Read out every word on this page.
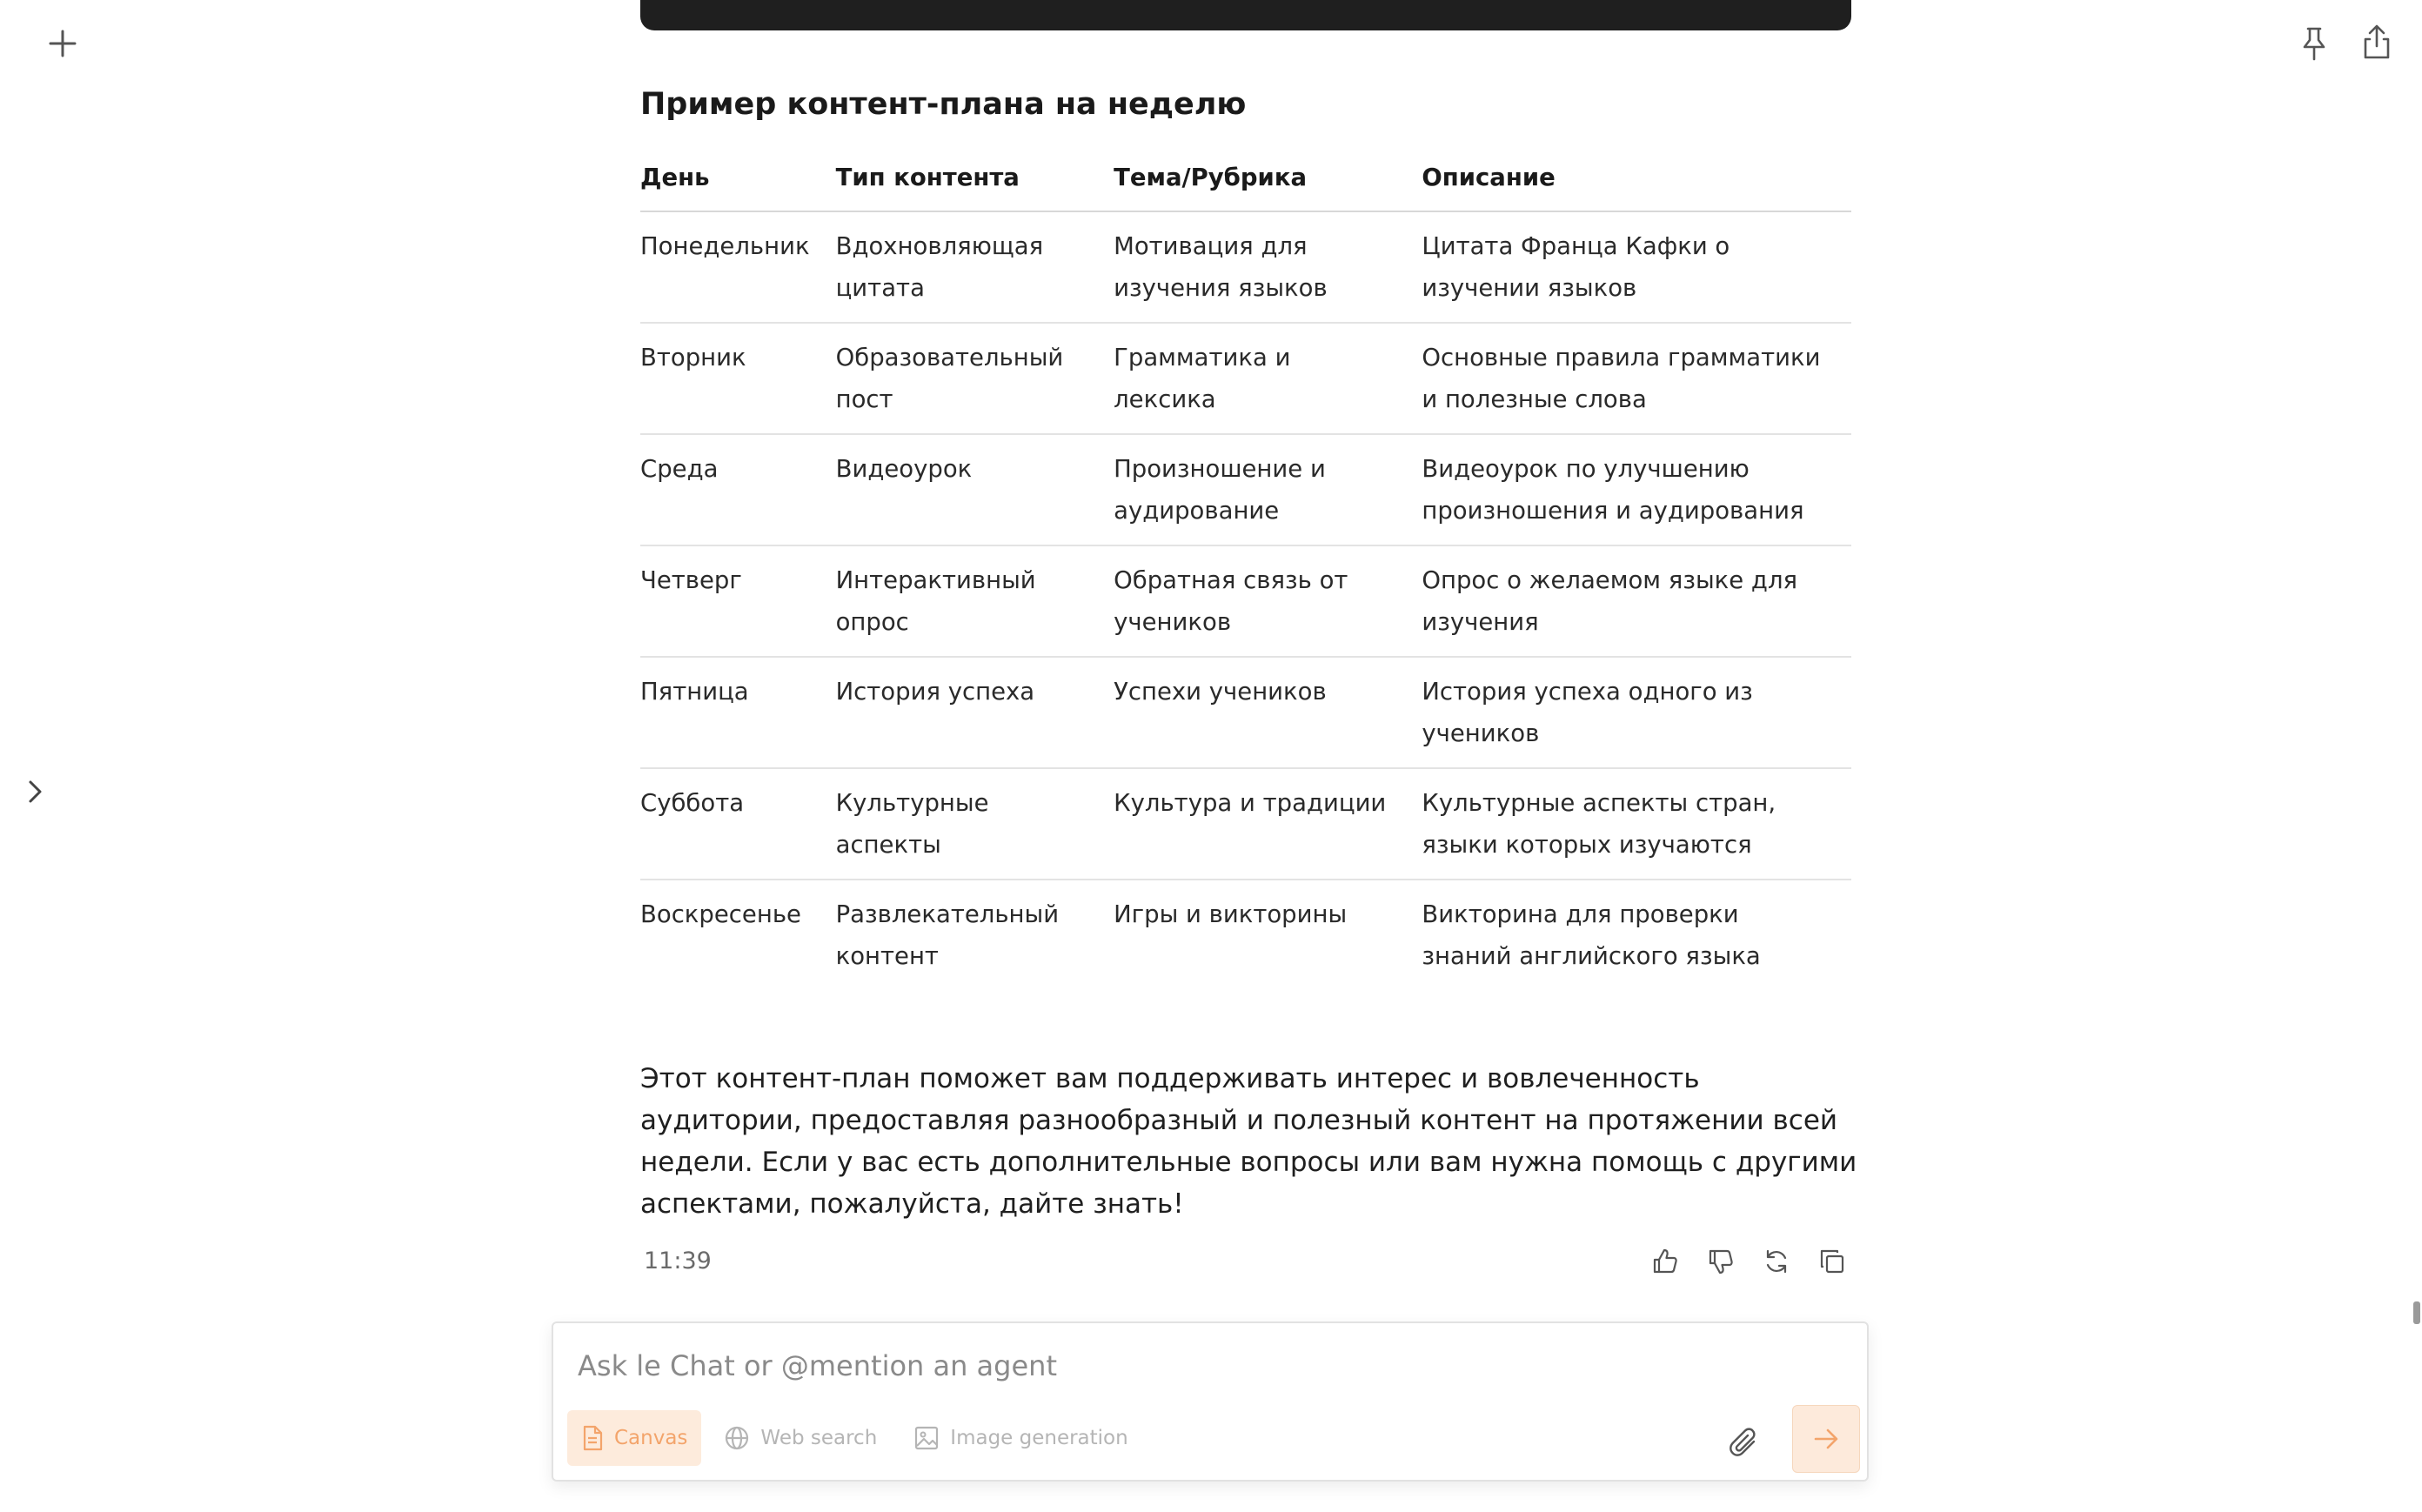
Пример контент-плана на неделю
День	Тип контента	Тема/Рубрика	Описание
Понедельник	Вдохновляющая цитата	Мотивация для изучения языков	Цитата Франца Кафки о изучении языков
Вторник	Образовательный пост	Грамматика и лексика	Основные правила грамматики и полезные слова
Среда	Видеоурок	Произношение и аудирование	Видеоурок по улучшению произношения и аудирования
Четверг	Интерактивный опрос	Обратная связь от учеников	Опрос о желаемом языке для изучения
Пятница	История успеха	Успехи учеников	История успеха одного из учеников
Суббота	Культурные аспекты	Культура и традиции	Культурные аспекты стран, языки которых изучаются
Воскресенье	Развлекательный контент	Игры и викторины	Викторина для проверки знаний английского языка

Этот контент-план поможет вам поддерживать интерес и вовлеченность аудитории, предоставляя разнообразный и полезный контент на протяжении всей недели. Если у вас есть дополнительные вопросы или вам нужна помощь с другими аспектами, пожалуйста, дайте знать!

11:39
Ask le Chat or @mention an agent
Canvas	Web search	Image generation
